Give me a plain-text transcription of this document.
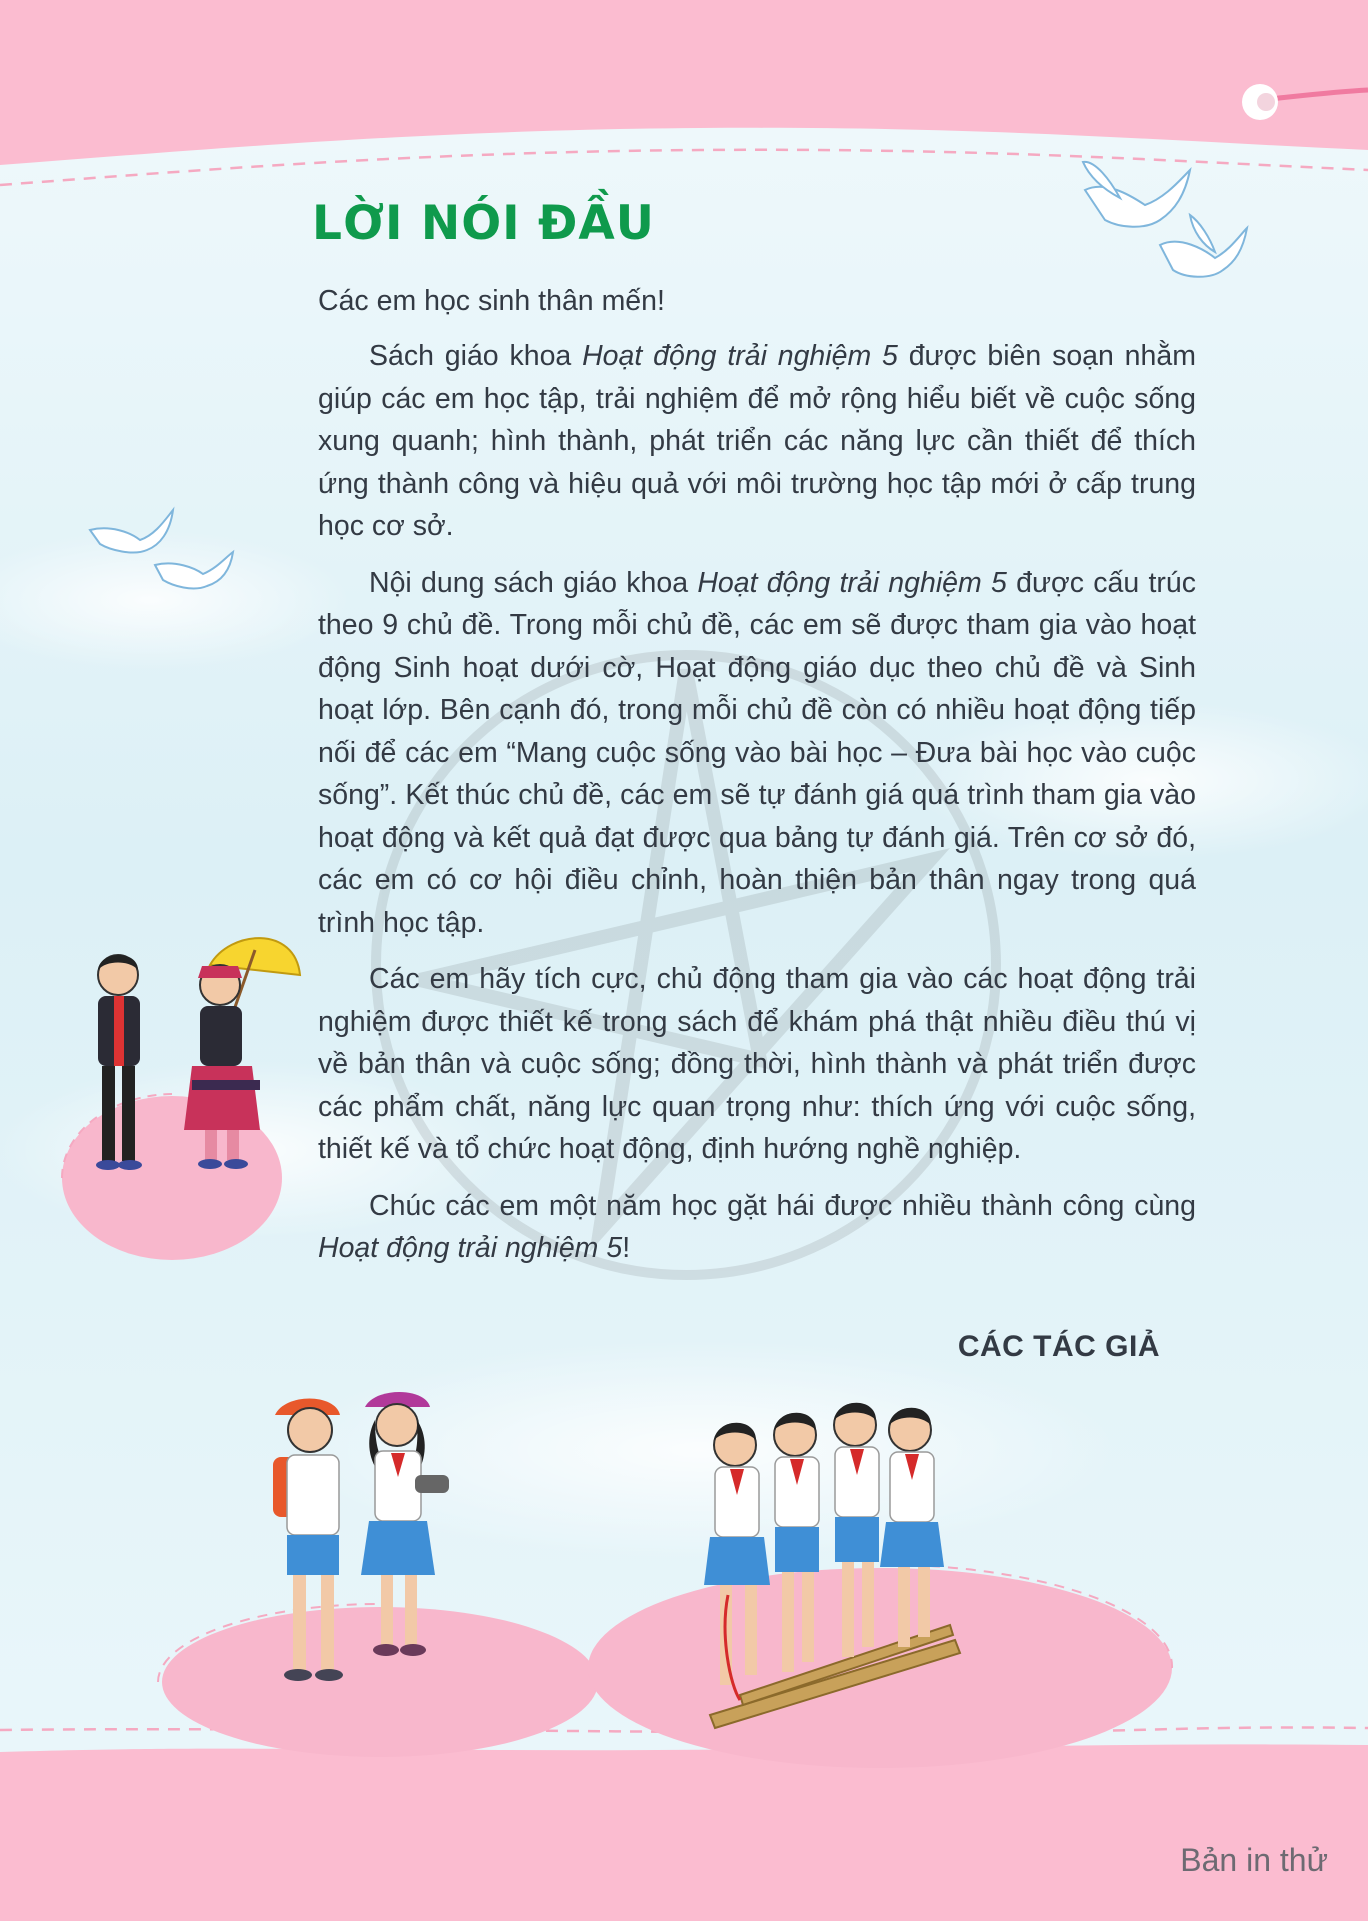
LỜI NÓI ĐẦU

Các em học sinh thân mến!

Sách giáo khoa Hoạt động trải nghiệm 5 được biên soạn nhằm giúp các em học tập, trải nghiệm để mở rộng hiểu biết về cuộc sống xung quanh; hình thành, phát triển các năng lực cần thiết để thích ứng thành công và hiệu quả với môi trường học tập mới ở cấp trung học cơ sở.

Nội dung sách giáo khoa Hoạt động trải nghiệm 5 được cấu trúc theo 9 chủ đề. Trong mỗi chủ đề, các em sẽ được tham gia vào hoạt động Sinh hoạt dưới cờ, Hoạt động giáo dục theo chủ đề và Sinh hoạt lớp. Bên cạnh đó, trong mỗi chủ đề còn có nhiều hoạt động tiếp nối để các em “Mang cuộc sống vào bài học – Đưa bài học vào cuộc sống”. Kết thúc chủ đề, các em sẽ tự đánh giá quá trình tham gia vào hoạt động và kết quả đạt được qua bảng tự đánh giá. Trên cơ sở đó, các em có cơ hội điều chỉnh, hoàn thiện bản thân ngay trong quá trình học tập.

Các em hãy tích cực, chủ động tham gia vào các hoạt động trải nghiệm được thiết kế trong sách để khám phá thật nhiều điều thú vị về bản thân và cuộc sống; đồng thời, hình thành và phát triển được các phẩm chất, năng lực quan trọng như: thích ứng với cuộc sống, thiết kế và tổ chức hoạt động, định hướng nghề nghiệp.

Chúc các em một năm học gặt hái được nhiều thành công cùng Hoạt động trải nghiệm 5!

CÁC TÁC GIẢ

Bản in thử
